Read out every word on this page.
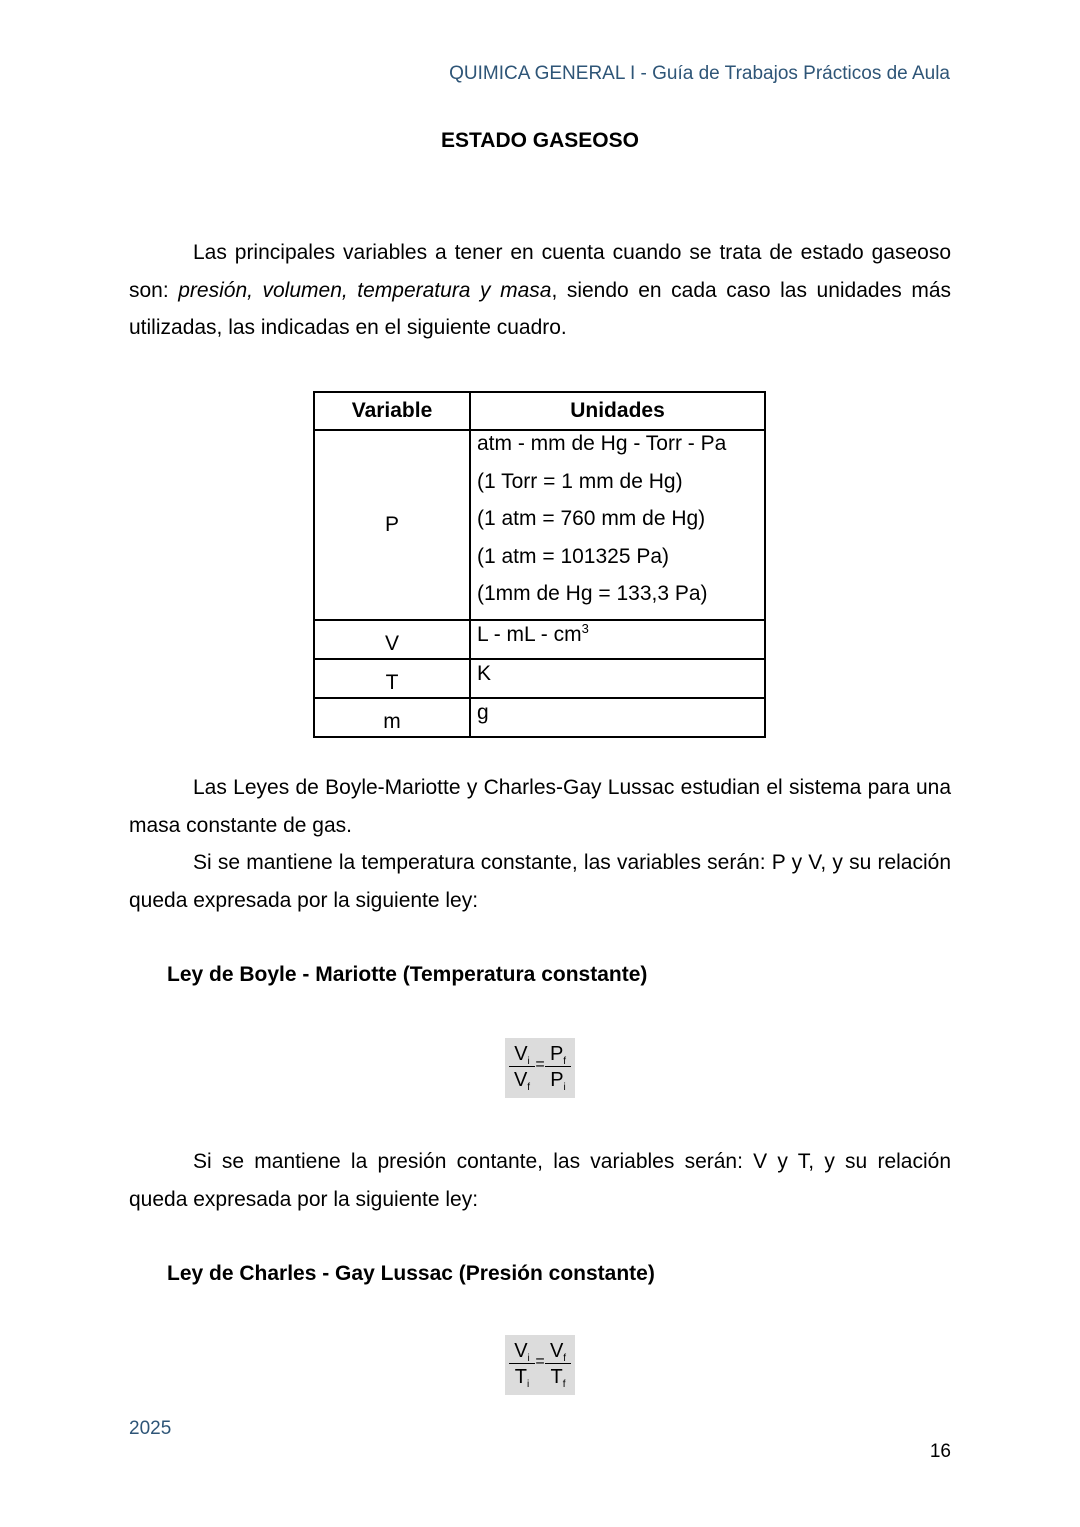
QUIMICA GENERAL I - Guía de Trabajos Prácticos de Aula
ESTADO GASEOSO

Las principales variables a tener en cuenta cuando se trata de estado gaseoso son: presión, volumen, temperatura y masa, siendo en cada caso las unidades más utilizadas, las indicadas en el siguiente cuadro.

Variable	Unidades
P	atm - mm de Hg - Torr - Pa
(1 Torr = 1 mm de Hg)
(1 atm = 760 mm de Hg)
(1 atm = 101325 Pa)
(1mm de Hg = 133,3 Pa)

V	L - mL - $cm^3$
T	K
m	g

Las Leyes de Boyle-Mariotte y Charles-Gay Lussac estudian el sistema para una masa constante de gas.

Si se mantiene la temperatura constante, las variables serán: P y V, y su relación queda expresada por la siguiente ley:

Ley de Boyle - Mariotte (Temperatura constante)
$\frac{V_i}{V_f} = \frac{P_f}{P_i}$

Si se mantiene la presión contante, las variables serán: V y T, y su relación queda expresada por la siguiente ley:

Ley de Charles - Gay Lussac (Presión constante)
$\frac{V_i}{T_i} = \frac{V_f}{T_f}$
2025
16
